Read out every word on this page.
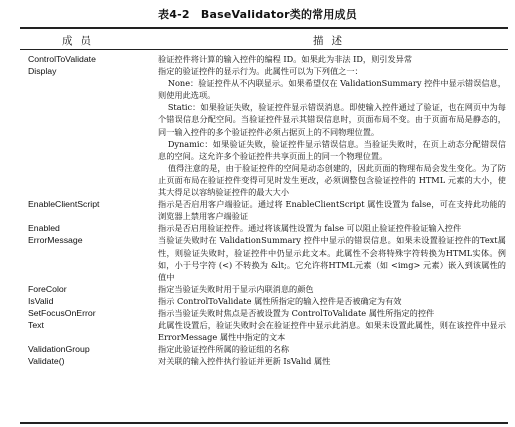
表4-2　BaseValidator类的常用成员
成员	描述
ControlToValidate	验证控件将计算的输入控件的编程 ID。如果此为非法 ID，则引发异常

Display	指定的验证控件的显示行为。此属性可以为下列值之一：

None：验证控件从不内联显示。如果希望仅在 ValidationSummary 控件中显示错误信息，则使用此选项。

Static：如果验证失败，验证控件显示错误消息。即使输入控件通过了验证，也在网页中为每个错误信息分配空间。当验证控件显示其错误信息时，页面布局不变。由于页面布局是静态的，同一输入控件的多个验证控件必须占据页上的不同物理位置。

Dynamic：如果验证失败，验证控件显示错误信息。当验证失败时，在页上动态分配错误信息的空间。这允许多个验证控件共享页面上的同一个物理位置。

值得注意的是，由于验证控件的空间是动态创建的，因此页面的物理布局会发生变化。为了防止页面布局在验证控件变得可见时发生更改，必须调整包含验证控件的 HTML 元素的大小，使其大得足以容纳验证控件的最大大小

EnableClientScript	指示是否启用客户端验证。通过将 EnableClientScript 属性设置为 false，可在支持此功能的浏览器上禁用客户端验证

Enabled	指示是否启用验证控件。通过将该属性设置为 false 可以阻止验证控件验证输入控件

ErrorMessage	当验证失败时在 ValidationSummary 控件中显示的错误信息。如果未设置验证控件的Text属性，则验证失败时，验证控件中仍显示此文本。此属性不会将特殊字符转换为HTML实体。例如，小于号字符 (<) 不转换为 &lt;。它允许将HTML元素（如 <img> 元素）嵌入到该属性的值中

ForeColor	指定当验证失败时用于显示内联消息的颜色

IsValid	指示 ControlToValidate 属性所指定的输入控件是否被确定为有效

SetFocusOnError	指示当验证失败时焦点是否被设置为 ControlToValidate 属性所指定的控件

Text	此属性设置后，验证失败时会在验证控件中显示此消息。如果未设置此属性，则在该控件中显示 ErrorMessage 属性中指定的文本

ValidationGroup	指定此验证控件所属的验证组的名称

Validate()	对关联的输入控件执行验证并更新 IsValid 属性
